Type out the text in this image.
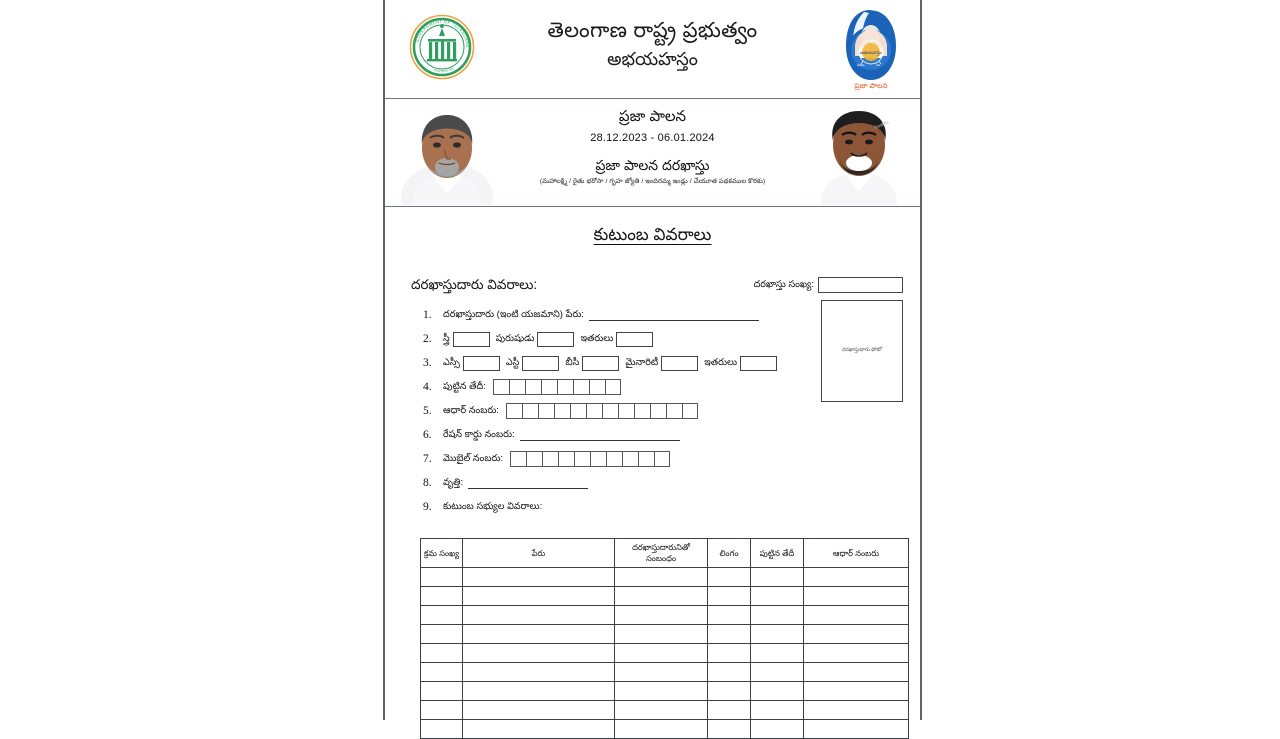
GOVERNMENT OF TELANGANA
TELANGANA
తెలంగాణ రాష్ట్ర ప్రభుత్వం
అభయహస్తం	అభయహస్తం
పథకం	సేవ
ప్రజా పాలన
ప్రజా పాలన
28.12.2023 - 06.01.2024
ప్రజా పాలన దరఖాస్తు
(మహాలక్ష్మి / రైతు భరోసా / గృహ జ్యోతి / ఇందిరమ్మ ఇండ్లు / చేయూత పథకముల కొరకు)
సంతకం
కుటుంబ వివరాలు
దరఖాస్తుదారు వివరాలు:	దరఖాస్తు సంఖ్య:
దరఖాస్తుదారు ఫోటో
1.	దరఖాస్తుదారు (ఇంటి యజమాని) పేరు:
2.	స్త్రీ	పురుషుడు	ఇతరులు
3.	ఎస్సీ	ఎస్టీ	బీసీ	మైనారిటీ	ఇతరులు
4.	పుట్టిన తేదీ:
5.	ఆధార్ నంబరు:
6.	రేషన్ కార్డు నంబరు:
7.	మొబైల్ నంబరు:
8.	వృత్తి:
9.	కుటుంబ సభ్యుల వివరాలు:
క్రమ సంఖ్య	పేరు	దరఖాస్తుదారునితో సంబంధం	లింగం	పుట్టిన తేదీ	ఆధార్ నంబరు
